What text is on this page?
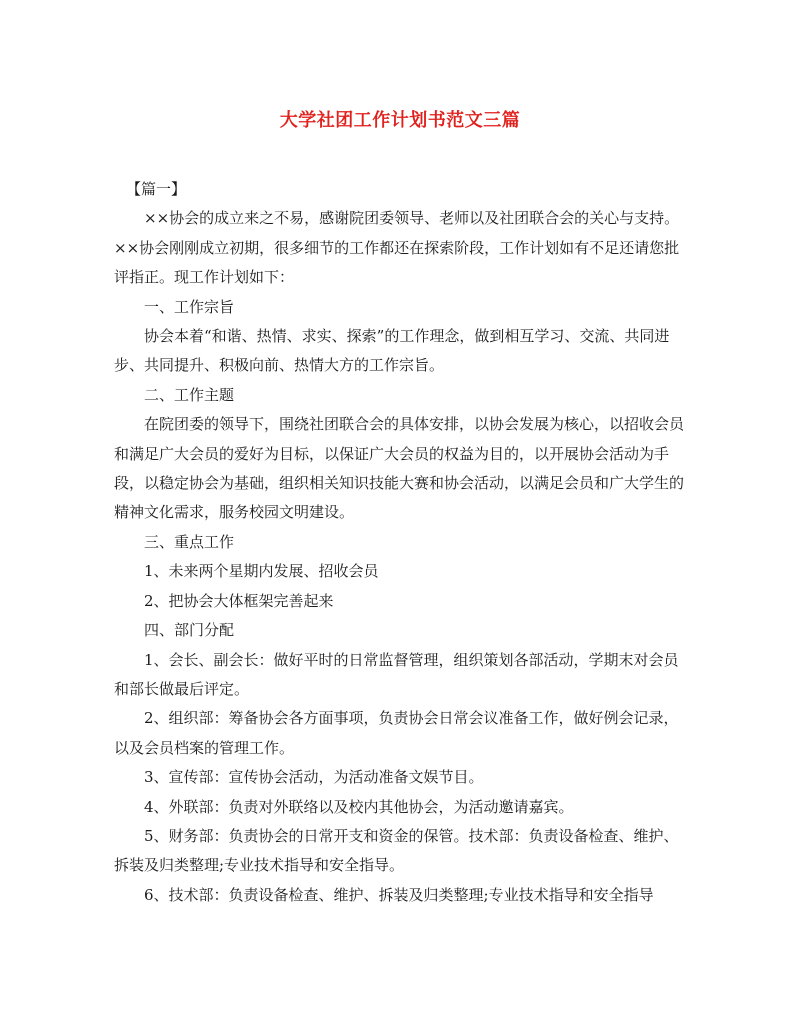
大学社团工作计划书范文三篇

【篇一】

××协会的成立来之不易，感谢院团委领导、老师以及社团联合会的关心与支持。××协会刚刚成立初期，很多细节的工作都还在探索阶段，工作计划如有不足还请您批评指正。现工作计划如下：

一、工作宗旨

协会本着“和谐、热情、求实、探索”的工作理念，做到相互学习、交流、共同进步、共同提升、积极向前、热情大方的工作宗旨。

二、工作主题

在院团委的领导下，围绕社团联合会的具体安排，以协会发展为核心，以招收会员和满足广大会员的爱好为目标，以保证广大会员的权益为目的，以开展协会活动为手段，以稳定协会为基础，组织相关知识技能大赛和协会活动，以满足会员和广大学生的精神文化需求，服务校园文明建设。

三、重点工作

1、未来两个星期内发展、招收会员

2、把协会大体框架完善起来

四、部门分配

1、会长、副会长：做好平时的日常监督管理，组织策划各部活动，学期末对会员和部长做最后评定。

2、组织部：筹备协会各方面事项，负责协会日常会议准备工作，做好例会记录，以及会员档案的管理工作。

3、宣传部：宣传协会活动，为活动准备文娱节目。

4、外联部：负责对外联络以及校内其他协会，为活动邀请嘉宾。

5、财务部：负责协会的日常开支和资金的保管。技术部：负责设备检查、维护、拆装及归类整理;专业技术指导和安全指导。

6、技术部：负责设备检查、维护、拆装及归类整理;专业技术指导和安全指导
